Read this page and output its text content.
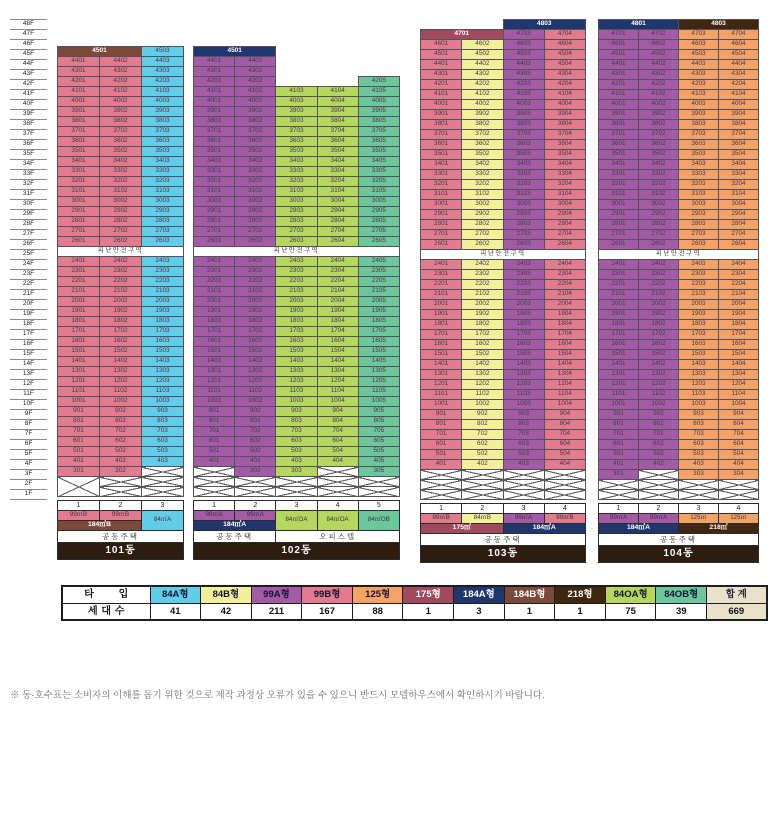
48F
47F
46F
45F
44F
43F
42F
41F
40F
39F
38F
37F
36F
35F
34F
33F
32F
31F
30F
29F
28F
27F
26F
25F
24F
23F
22F
21F
20F
19F
18F
17F
16F
15F
14F
13F
12F
11F
10F
9F
8F
7F
6F
5F
4F
3F
2F
1F

4501		4503
4401	4402	4403
4301	4302	4303
4201	4202	4203
4101	4102	4103
4001	4002	4003
3901	3902	3903
3801	3802	3803
3701	3702	3703
3601	3602	3603
3501	3502	3503
3401	3402	3403
3301	3302	3303
3201	3202	3203
3101	3102	3103
3001	3002	3003
2901	2902	2903
2801	2802	2803
2701	2702	2703
2601	2602	2603
피난안전구역		
2401	2402	2403
2301	2302	2303
2201	2202	2203
2101	2102	2103
2001	2002	2003
1901	1902	1903
1801	1802	1803
1701	1702	1703
1601	1602	1603
1501	1502	1503
1401	1402	1403
1301	1302	1303
1201	1202	1203
1101	1102	1103
1001	1002	1003
901	902	903
801	802	803
701	702	703
601	602	603
501	502	503
401	402	403
301	302	

1	2	3
99㎡B	99㎡B	84㎡A
184㎡B		
공동주택		
101동		

4501				
4401	4402			
4301	4302			
4201	4202			4205
4101	4102	4103	4104	4105
4001	4002	4003	4004	4005
3901	3902	3903	3904	3905
3801	3802	3803	3804	3805
3701	3702	3703	3704	3705
3601	3602	3603	3604	3605
3501	3502	3503	3504	3505
3401	3402	3403	3404	3405
3301	3302	3303	3304	3305
3201	3202	3203	3204	3205
3101	3102	3103	3104	3105
3001	3002	3003	3004	3005
2901	2902	2903	2904	2905
2801	2802	2803	2804	2805
2701	2702	2703	2704	2705
2601	2602	2603	2604	2605
피난안전구역				
2401	2402	2403	2404	2405
2301	2302	2303	2304	2305
2201	2202	2203	2204	2205
2101	2102	2103	2104	2105
2001	2002	2003	2004	2005
1901	1902	1903	1904	1905
1801	1802	1803	1804	1805
1701	1702	1703	1704	1705
1601	1602	1603	1604	1605
1501	1502	1503	1504	1505
1401	1402	1403	1404	1405
1301	1302	1303	1304	1305
1201	1202	1203	1204	1205
1101	1102	1103	1104	1105
1001	1002	1003	1004	1005
901	902	903	904	905
801	802	803	804	805
701	702	703	704	705
601	602	603	604	605
501	502	503	504	505
401	402	403	404	405
	302	303		305

1	2	3	4	5
99㎡A	99㎡A	84㎡OA	84㎡OA	84㎡OB
184㎡A				
공동주택		오피스텔		
102동				
		4803	
4701		4703	4704
4601	4602	4603	4604
4501	4502	4503	4504
4401	4402	4403	4504
4301	4302	4303	4304
4201	4202	4203	4204
4101	4102	4103	4104
4001	4002	4003	4004
3901	3902	3903	3904
3801	3802	3803	3804
3701	3702	3703	3704
3601	3602	3603	3604
3501	3502	3503	3504
3401	3402	3403	3404
3301	3302	3303	3304
3201	3202	3203	3204
3101	3102	3103	3104
3001	3002	3003	3004
2901	2902	2903	2904
2801	2802	2803	2804
2701	2702	2703	2704
2601	2602	2603	2604
피난안전구역			
2401	2402	2403	2404
2301	2302	2303	2304
2201	2202	2203	2204
2101	2102	2103	2104
2001	2002	2003	2004
1901	1902	1903	1904
1801	1802	1803	1804
1701	1702	1703	1704
1601	1602	1603	1604
1501	1502	1503	1504
1401	1402	1403	1404
1301	1302	1303	1304
1201	1202	1203	1204
1101	1102	1103	1104
1001	1002	1003	1004
901	902	903	904
801	802	803	804
701	702	703	704
601	602	603	604
501	502	503	504
401	402	403	404

1	2	3	4
99㎡B	84㎡B	99㎡A	99㎡B
175㎡		184㎡A	
공동주택			
103동			
4801		4803	
4701	4702	4703	4704
4601	4602	4603	4604
4501	4502	4503	4504
4401	4402	4403	4404
4301	4302	4303	4304
4201	4202	4203	4204
4101	4102	4103	4104
4001	4002	4003	4004
3901	3902	3903	3904
3801	3802	3803	3804
3701	3702	3703	3704
3601	3602	3603	3604
3501	3502	3503	3504
3401	3402	3403	3404
3301	3302	3303	3304
3201	3202	3203	3204
3101	3102	3103	3104
3001	3002	3003	3004
2901	2902	2903	2904
2801	2802	2803	2804
2701	2702	2703	2704
2601	2602	2603	2604
피난안전구역			
2401	2402	2403	2404
2301	2302	2303	2304
2201	2202	2203	2204
2101	2102	2103	2104
2001	2002	2003	2004
1901	1902	1903	1904
1801	1802	1803	1804
1701	1702	1703	1704
1601	1602	1603	1604
1501	1502	1503	1504
1401	1402	1403	1404
1301	1302	1303	1304
1201	1202	1203	1204
1101	1102	1103	1104
1001	1002	1003	1004
901	902	903	904
801	802	803	804
701	702	703	704
601	602	603	604
501	502	503	504
401	402	403	404
301		303	304

1	2	3	4
99㎡A	99㎡A	125㎡	125㎡
184㎡A		218㎡	
공동주택			
104동			
타 입	84A형	84B형	99A형	99B형	125형	175형	184A형	184B형	218형	84OA형	84OB형	합 계
세 대 수	41	42	211	167	88	1	3	1	1	75	39	669
※ 동·호수표는 소비자의 이해를 돕기 위한 것으로 제작 과정상 오류가 있을 수 있으니 반드시 모델하우스에서 확인하시기 바랍니다.
